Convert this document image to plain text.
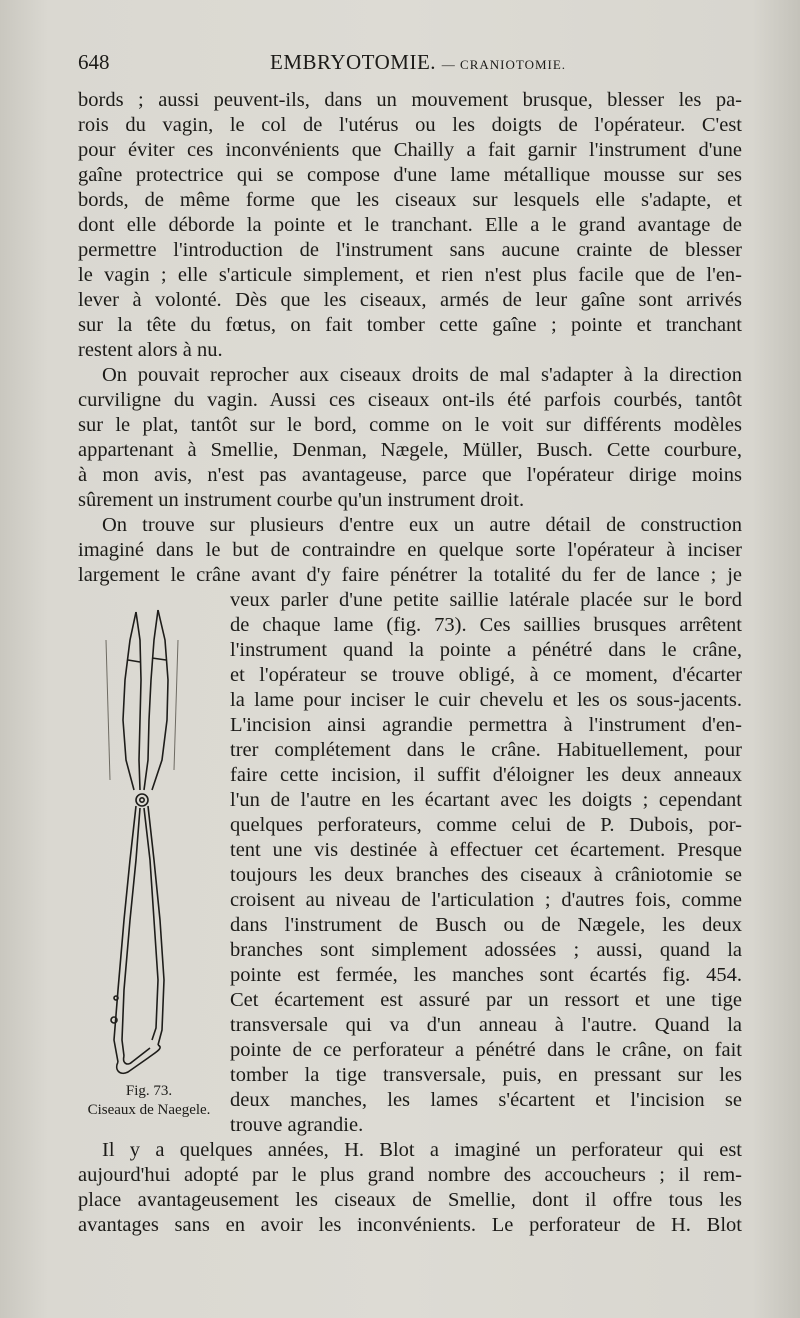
648	EMBRYOTOMIE. — CRANIOTOMIE.
bords ; aussi peuvent-ils, dans un mouvement brusque, blesser les pa-
rois du vagin, le col de l'utérus ou les doigts de l'opérateur. C'est
pour éviter ces inconvénients que Chailly a fait garnir l'instrument d'une
gaîne protectrice qui se compose d'une lame métallique mousse sur ses
bords, de même forme que les ciseaux sur lesquels elle s'adapte, et
dont elle déborde la pointe et le tranchant. Elle a le grand avantage de
permettre l'introduction de l'instrument sans aucune crainte de blesser
le vagin ; elle s'articule simplement, et rien n'est plus facile que de l'en-
lever à volonté. Dès que les ciseaux, armés de leur gaîne sont arrivés
sur la tête du fœtus, on fait tomber cette gaîne ; pointe et tranchant
restent alors à nu.
On pouvait reprocher aux ciseaux droits de mal s'adapter à la direction
curviligne du vagin. Aussi ces ciseaux ont-ils été parfois courbés, tantôt
sur le plat, tantôt sur le bord, comme on le voit sur différents modèles
appartenant à Smellie, Denman, Nægele, Müller, Busch. Cette courbure,
à mon avis, n'est pas avantageuse, parce que l'opérateur dirige moins
sûrement un instrument courbe qu'un instrument droit.
On trouve sur plusieurs d'entre eux un autre détail de construction
imaginé dans le but de contraindre en quelque sorte l'opérateur à inciser
largement le crâne avant d'y faire pénétrer la totalité du fer de lance ; je
veux parler d'une petite saillie latérale placée sur le bord
de chaque lame (fig. 73). Ces saillies brusques arrêtent
l'instrument quand la pointe a pénétré dans le crâne,
et l'opérateur se trouve obligé, à ce moment, d'écarter
la lame pour inciser le cuir chevelu et les os sous-jacents.
L'incision ainsi agrandie permettra à l'instrument d'en-
trer complétement dans le crâne. Habituellement, pour
faire cette incision, il suffit d'éloigner les deux anneaux
l'un de l'autre en les écartant avec les doigts ; cependant
quelques perforateurs, comme celui de P. Dubois, por-
tent une vis destinée à effectuer cet écartement. Presque
toujours les deux branches des ciseaux à crâniotomie se
croisent au niveau de l'articulation ; d'autres fois, comme
dans l'instrument de Busch ou de Nægele, les deux
branches sont simplement adossées ; aussi, quand la
pointe est fermée, les manches sont écartés fig. 454.
Cet écartement est assuré par un ressort et une tige
transversale qui va d'un anneau à l'autre. Quand la
pointe de ce perforateur a pénétré dans le crâne, on fait
tomber la tige transversale, puis, en pressant sur les
deux manches, les lames s'écartent et l'incision se
trouve agrandie.
Il y a quelques années, H. Blot a imaginé un perforateur qui est
aujourd'hui adopté par le plus grand nombre des accoucheurs ; il rem-
place avantageusement les ciseaux de Smellie, dont il offre tous les
avantages sans en avoir les inconvénients. Le perforateur de H. Blot
Fig. 73.
Ciseaux de Naegele.
